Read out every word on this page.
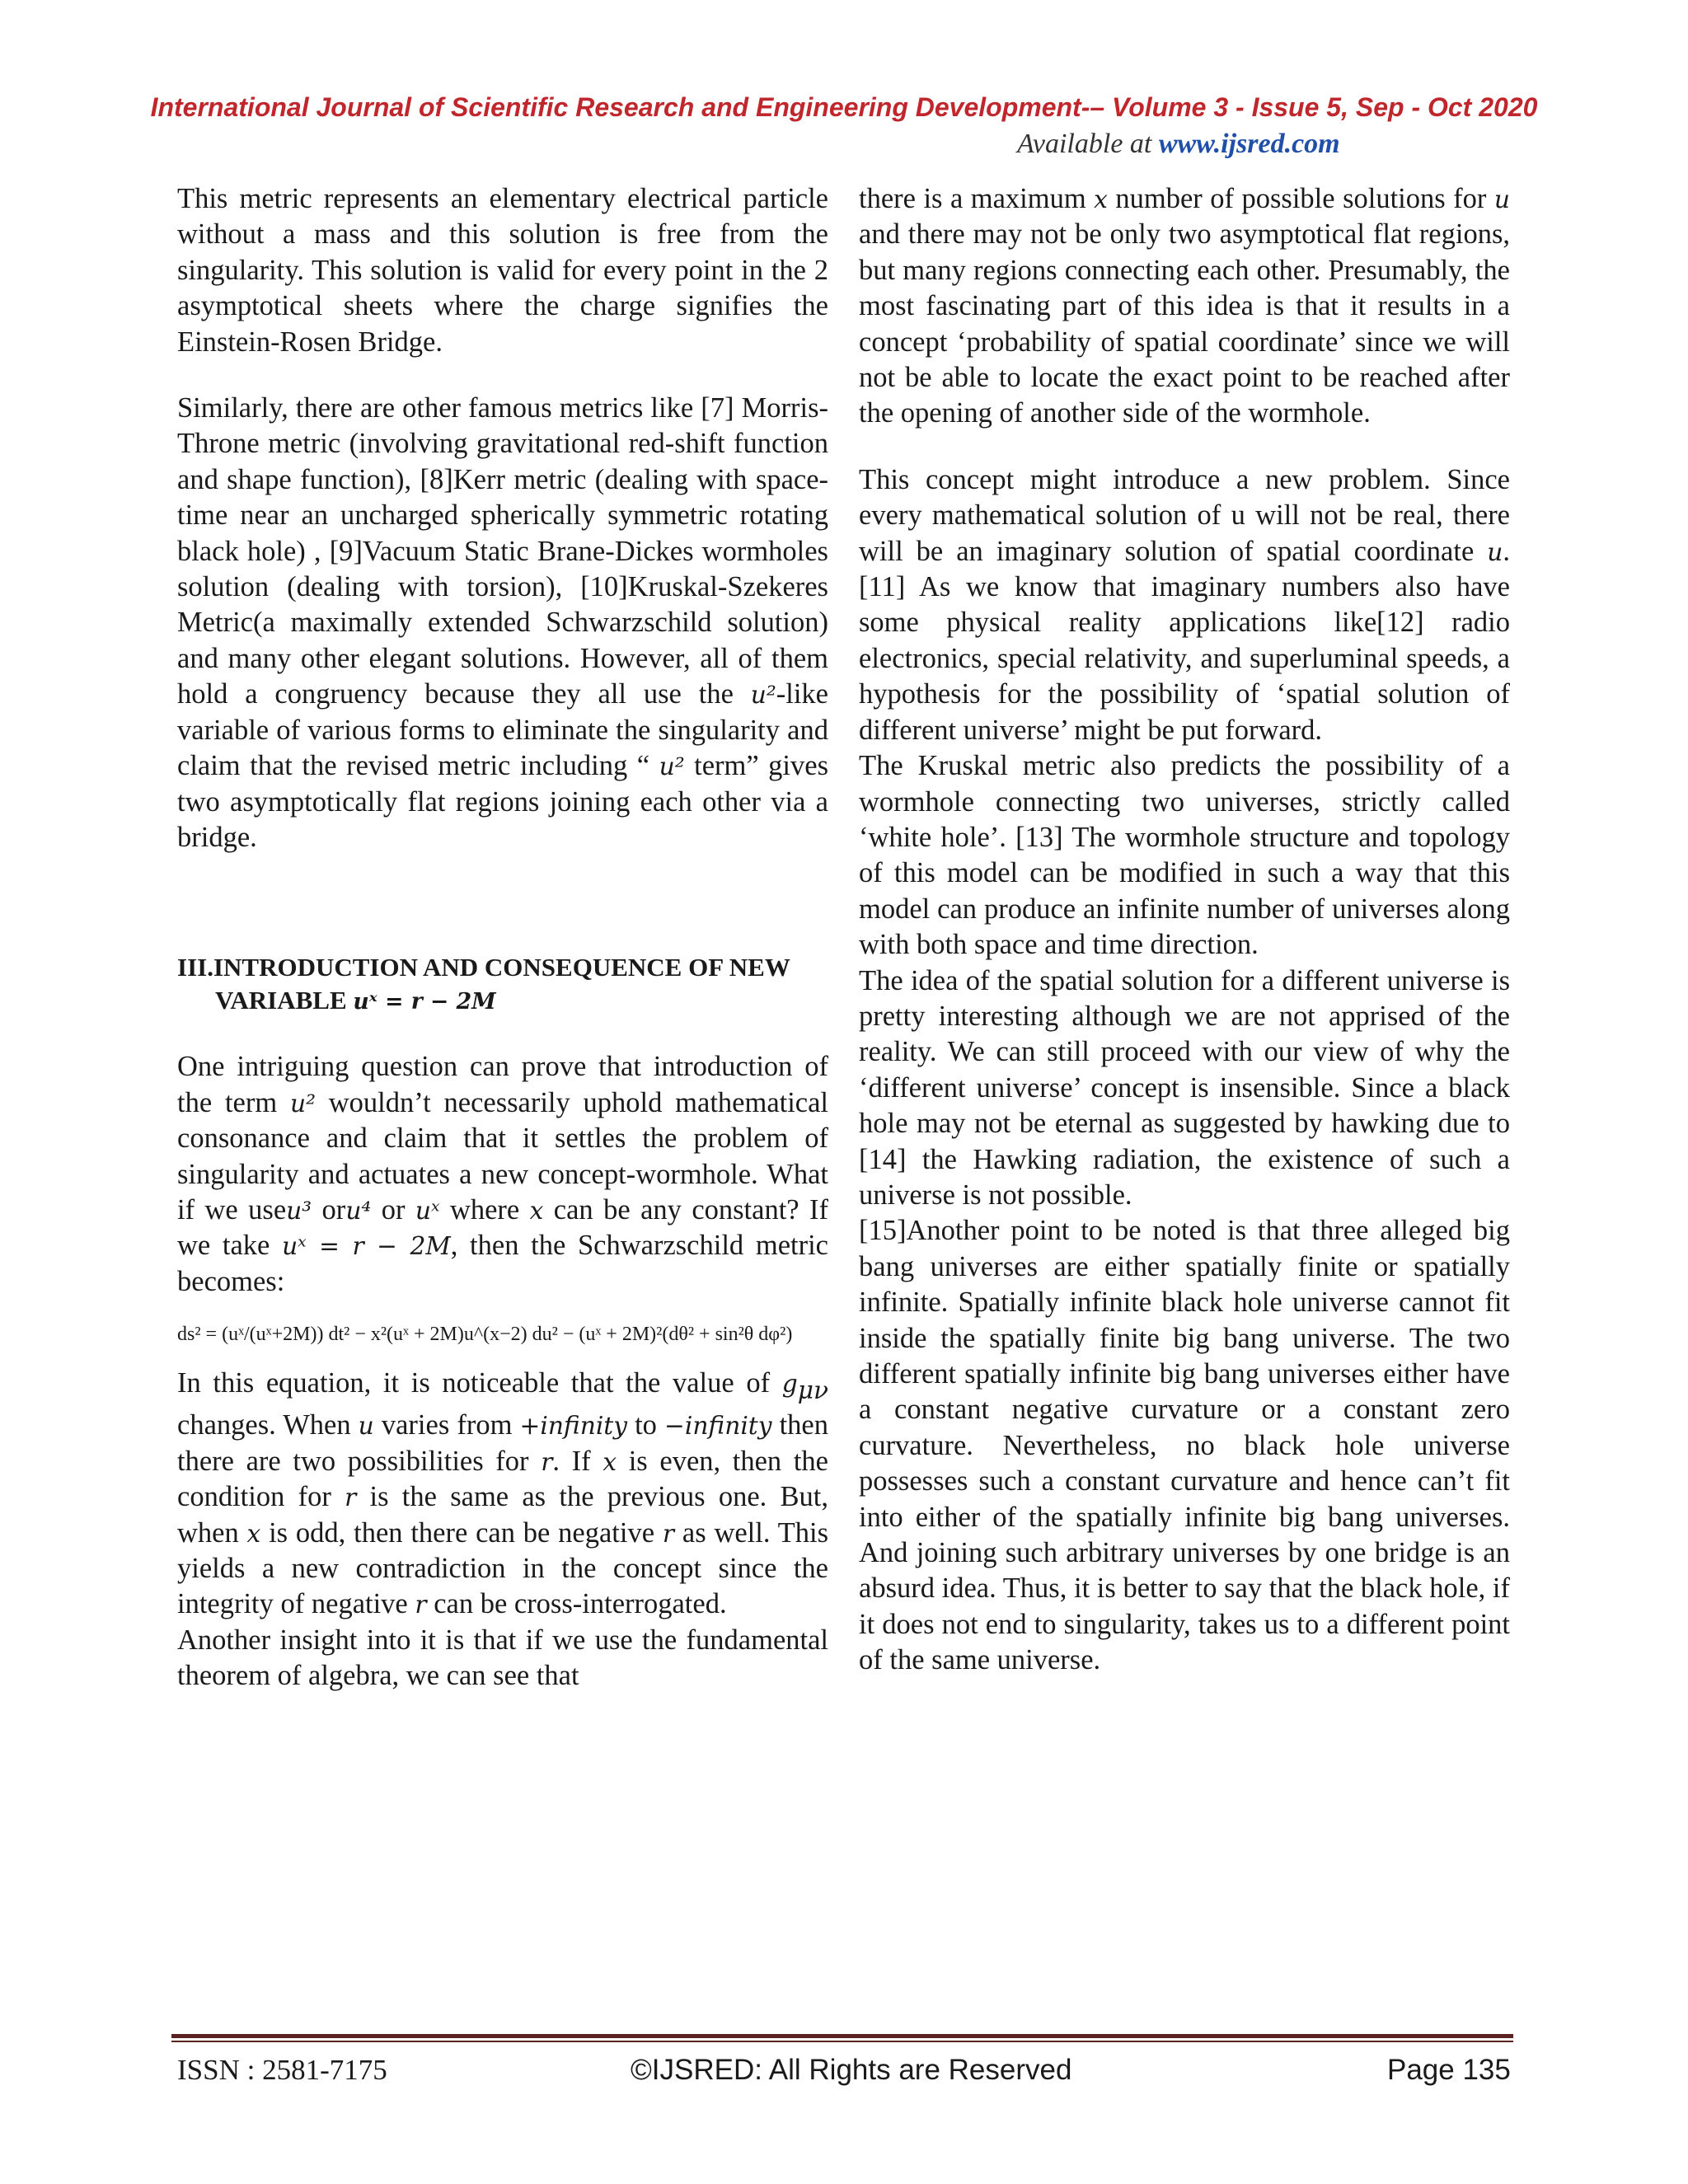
International Journal of Scientific Research and Engineering Development-– Volume 3 - Issue 5, Sep - Oct 2020
Available at www.ijsred.com

This metric represents an elementary electrical particle without a mass and this solution is free from the singularity. This solution is valid for every point in the 2 asymptotical sheets where the charge signifies the Einstein-Rosen Bridge.

Similarly, there are other famous metrics like [7] Morris-Throne metric (involving gravitational red-shift function and shape function), [8]Kerr metric (dealing with space-time near an uncharged spherically symmetric rotating black hole) , [9]Vacuum Static Brane-Dickes wormholes solution (dealing with torsion), [10]Kruskal-Szekeres Metric(a maximally extended Schwarzschild solution) and many other elegant solutions. However, all of them hold a congruency because they all use the u²-like variable of various forms to eliminate the singularity and claim that the revised metric including “ u² term” gives two asymptotically flat regions joining each other via a bridge.

III.INTRODUCTION AND CONSEQUENCE OF NEW
VARIABLE uˣ = r − 2M

One intriguing question can prove that introduction of the term u² wouldn’t necessarily uphold mathematical consonance and claim that it settles the problem of singularity and actuates a new concept-wormhole. What if we useu³ oru⁴ or uˣ where x can be any constant? If we take uˣ = r − 2M, then the Schwarzschild metric becomes:

ds² = (uˣ/(uˣ+2M)) dt² − x²(uˣ + 2M)u^(x−2) du² − (uˣ + 2M)²(dθ² + sin²θ dφ²)

In this equation, it is noticeable that the value of $g_{\mu\nu}$ changes. When u varies from +infinity to −infinity then there are two possibilities for r. If x is even, then the condition for r is the same as the previous one. But, when x is odd, then there can be negative r as well. This yields a new contradiction in the concept since the integrity of negative r can be cross-interrogated.

Another insight into it is that if we use the fundamental theorem of algebra, we can see that

there is a maximum x number of possible solutions for u and there may not be only two asymptotical flat regions, but many regions connecting each other. Presumably, the most fascinating part of this idea is that it results in a concept ‘probability of spatial coordinate’ since we will not be able to locate the exact point to be reached after the opening of another side of the wormhole.

This concept might introduce a new problem. Since every mathematical solution of u will not be real, there will be an imaginary solution of spatial coordinate u. [11] As we know that imaginary numbers also have some physical reality applications like[12] radio electronics, special relativity, and superluminal speeds, a hypothesis for the possibility of ‘spatial solution of different universe’ might be put forward.

The Kruskal metric also predicts the possibility of a wormhole connecting two universes, strictly called ‘white hole’. [13] The wormhole structure and topology of this model can be modified in such a way that this model can produce an infinite number of universes along with both space and time direction.

The idea of the spatial solution for a different universe is pretty interesting although we are not apprised of the reality. We can still proceed with our view of why the ‘different universe’ concept is insensible. Since a black hole may not be eternal as suggested by hawking due to [14] the Hawking radiation, the existence of such a universe is not possible.

[15]Another point to be noted is that three alleged big bang universes are either spatially finite or spatially infinite. Spatially infinite black hole universe cannot fit inside the spatially finite big bang universe. The two different spatially infinite big bang universes either have a constant negative curvature or a constant zero curvature. Nevertheless, no black hole universe possesses such a constant curvature and hence can’t fit into either of the spatially infinite big bang universes. And joining such arbitrary universes by one bridge is an absurd idea. Thus, it is better to say that the black hole, if it does not end to singularity, takes us to a different point of the same universe.

ISSN : 2581-7175	©IJSRED: All Rights are Reserved	Page 135
